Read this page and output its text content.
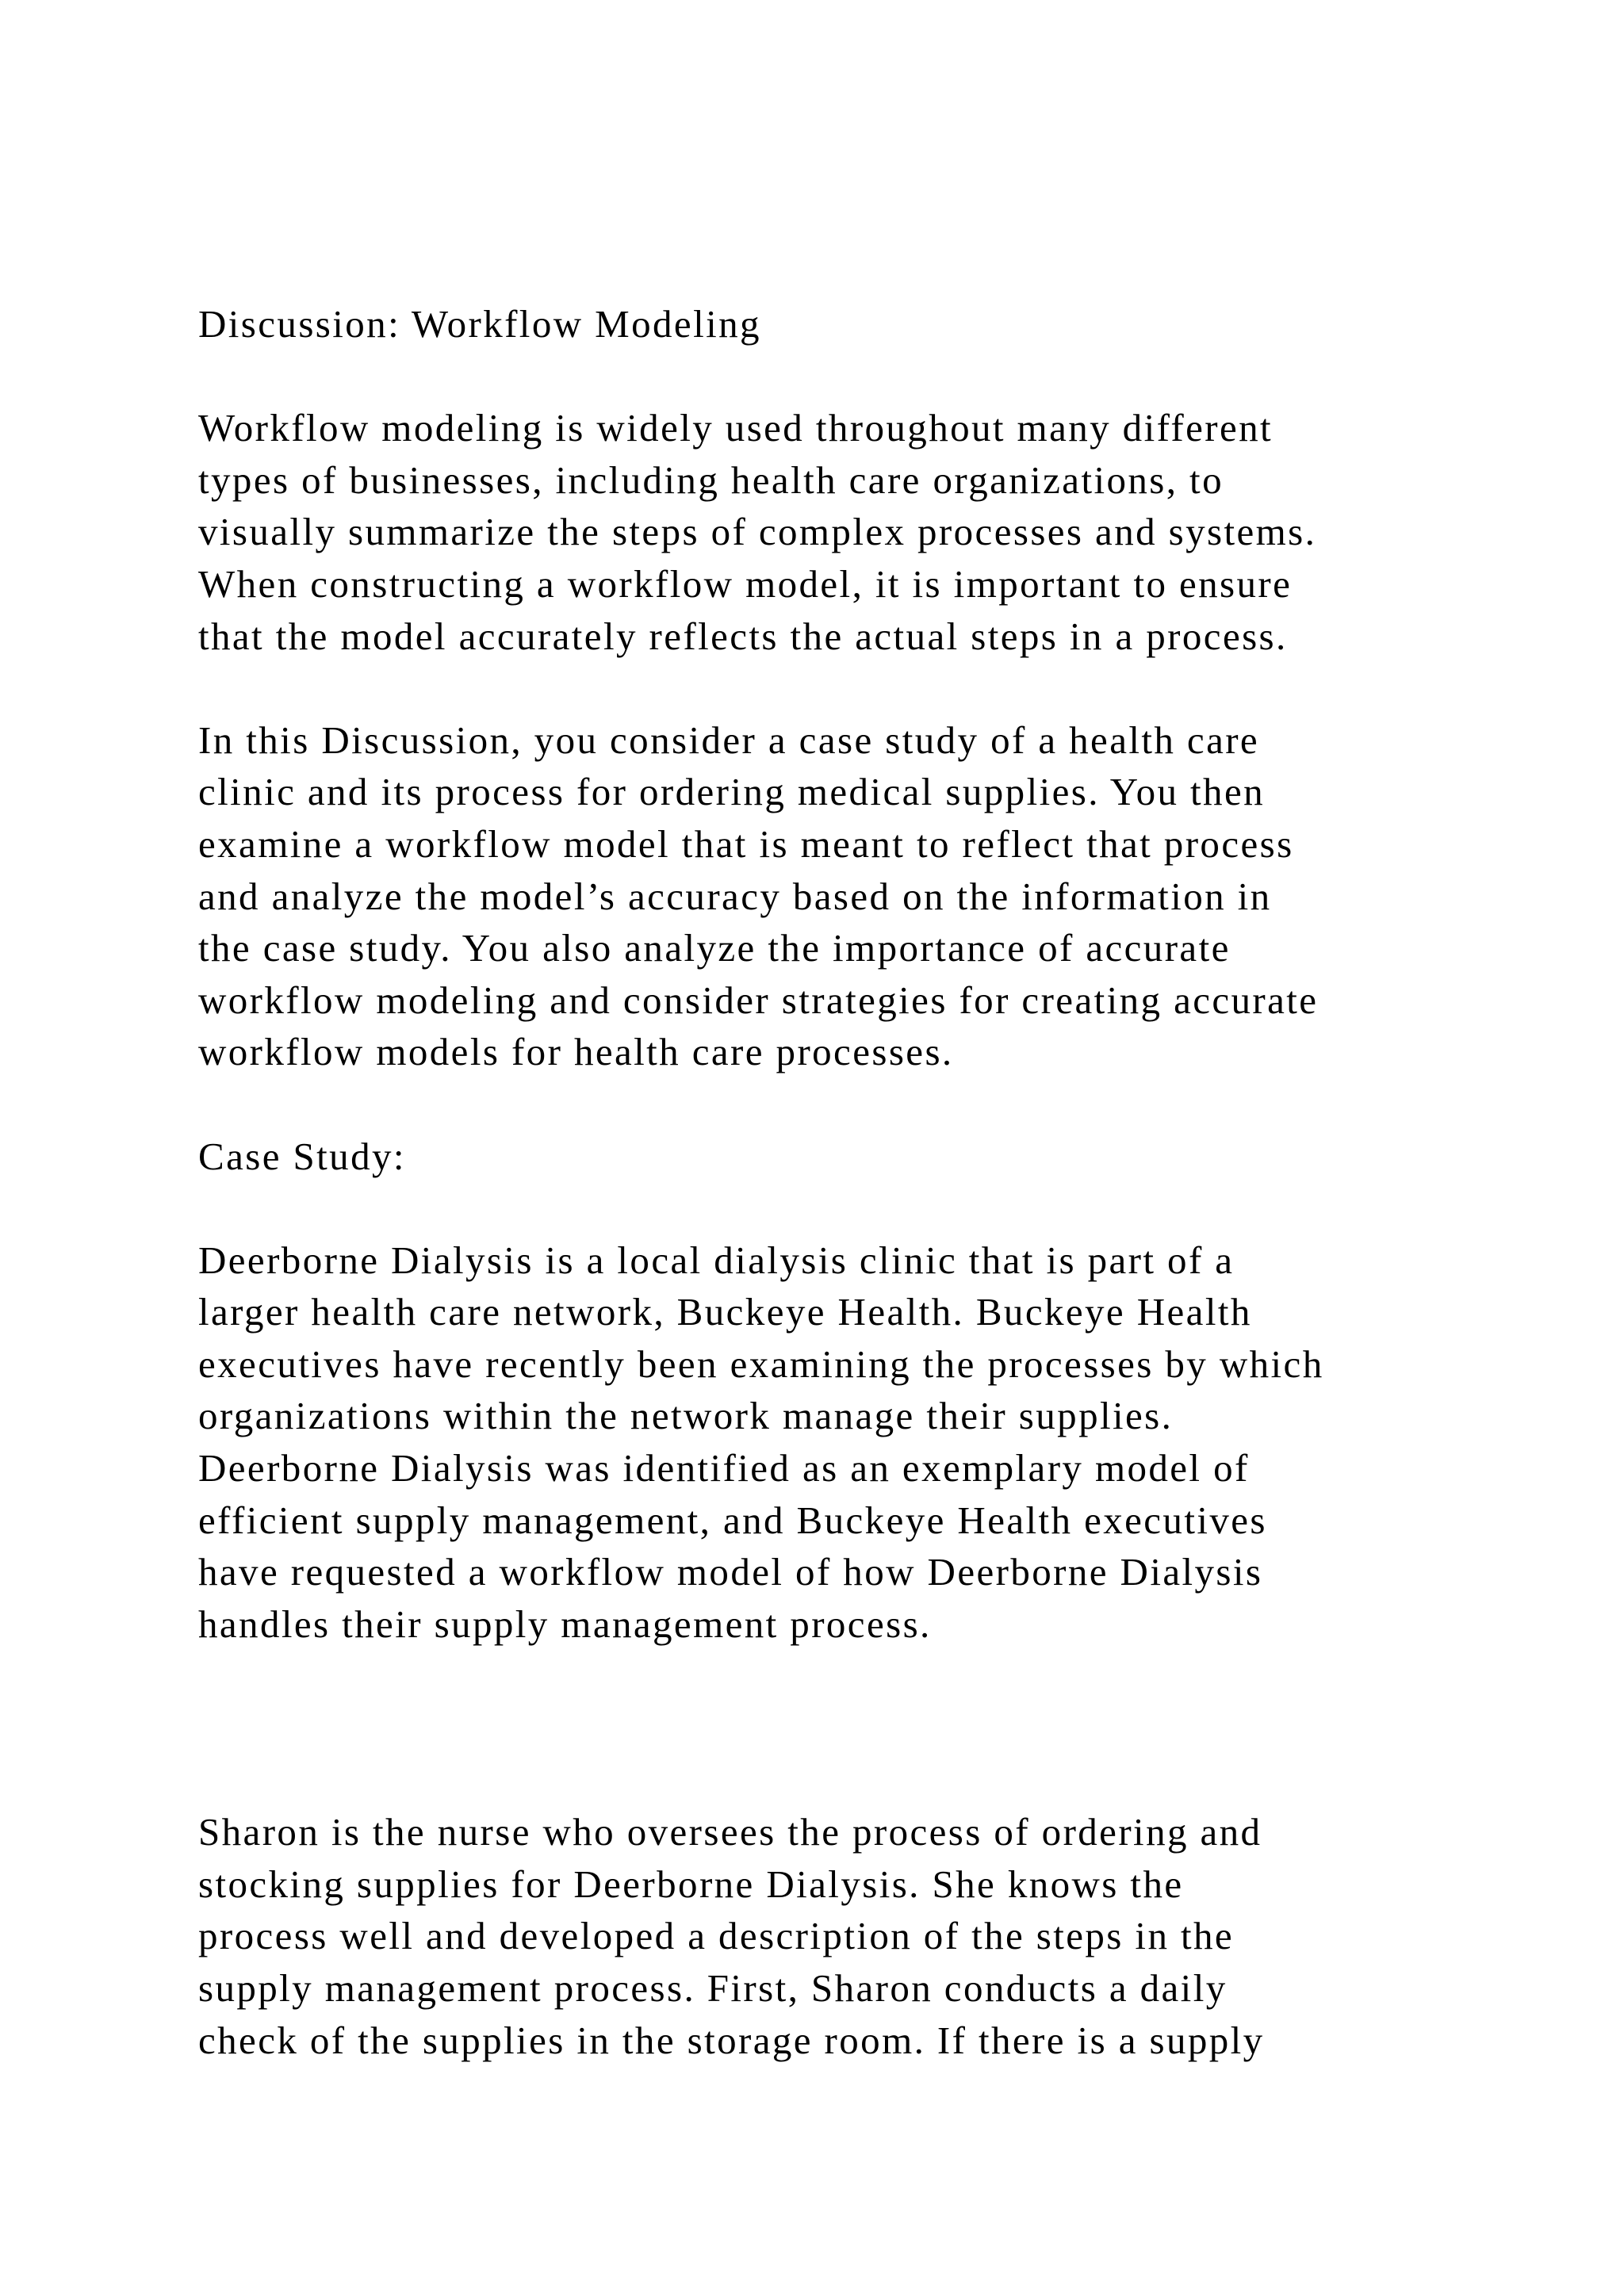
Discussion: Workflow Modeling
Workflow modeling is widely used throughout many different
types of businesses, including health care organizations, to
visually summarize the steps of complex processes and systems.
When constructing a workflow model, it is important to ensure
that the model accurately reflects the actual steps in a process.
In this Discussion, you consider a case study of a health care
clinic and its process for ordering medical supplies. You then
examine a workflow model that is meant to reflect that process
and analyze the model’s accuracy based on the information in
the case study. You also analyze the importance of accurate
workflow modeling and consider strategies for creating accurate
workflow models for health care processes.
Case Study:
Deerborne Dialysis is a local dialysis clinic that is part of a
larger health care network, Buckeye Health. Buckeye Health
executives have recently been examining the processes by which
organizations within the network manage their supplies.
Deerborne Dialysis was identified as an exemplary model of
efficient supply management, and Buckeye Health executives
have requested a workflow model of how Deerborne Dialysis
handles their supply management process.
Sharon is the nurse who oversees the process of ordering and
stocking supplies for Deerborne Dialysis. She knows the
process well and developed a description of the steps in the
supply management process. First, Sharon conducts a daily
check of the supplies in the storage room. If there is a supply
